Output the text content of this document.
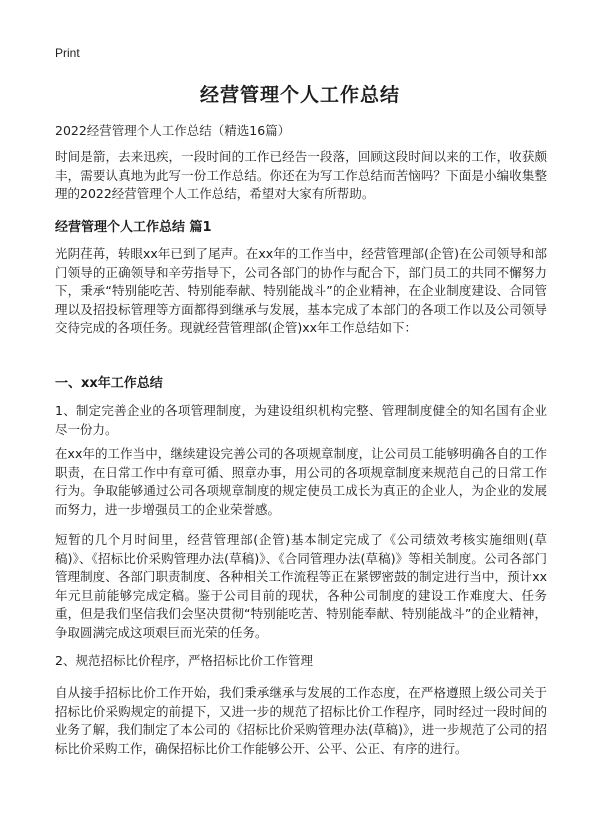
Print
经营管理个人工作总结
2022经营管理个人工作总结（精选16篇）

时间是箭，去来迅疾，一段时间的工作已经告一段落，回顾这段时间以来的工作，收获颇丰，需要认真地为此写一份工作总结。你还在为写工作总结而苦恼吗？下面是小编收集整理的2022经营管理个人工作总结，希望对大家有所帮助。

经营管理个人工作总结 篇1

光阴荏苒，转眼xx年已到了尾声。在xx年的工作当中，经营管理部(企管)在公司领导和部门领导的正确领导和辛劳指导下，公司各部门的协作与配合下，部门员工的共同不懈努力下，秉承“特别能吃苦、特别能奉献、特别能战斗”的企业精神，在企业制度建设、合同管理以及招投标管理等方面都得到继承与发展，基本完成了本部门的各项工作以及公司领导交待完成的各项任务。现就经营管理部(企管)xx年工作总结如下：

一、xx年工作总结

1、制定完善企业的各项管理制度，为建设组织机构完整、管理制度健全的知名国有企业尽一份力。

在xx年的工作当中，继续建设完善公司的各项规章制度，让公司员工能够明确各自的工作职责，在日常工作中有章可循、照章办事，用公司的各项规章制度来规范自己的日常工作行为。争取能够通过公司各项规章制度的规定使员工成长为真正的企业人，为企业的发展而努力，进一步增强员工的企业荣誉感。

短暂的几个月时间里，经营管理部(企管)基本制定完成了《公司绩效考核实施细则(草稿)》、《招标比价采购管理办法(草稿)》、《合同管理办法(草稿)》等相关制度。公司各部门管理制度、各部门职责制度、各种相关工作流程等正在紧锣密鼓的制定进行当中，预计xx年元旦前能够完成定稿。鉴于公司目前的现状，各种公司制度的建设工作难度大、任务重，但是我们坚信我们会坚决贯彻“特别能吃苦、特别能奉献、特别能战斗”的企业精神，争取圆满完成这项艰巨而光荣的任务。

2、规范招标比价程序，严格招标比价工作管理

自从接手招标比价工作开始，我们秉承继承与发展的工作态度，在严格遵照上级公司关于招标比价采购规定的前提下，又进一步的规范了招标比价工作程序，同时经过一段时间的业务了解，我们制定了本公司的《招标比价采购管理办法(草稿)》，进一步规范了公司的招标比价采购工作，确保招标比价工作能够公开、公平、公正、有序的进行。
